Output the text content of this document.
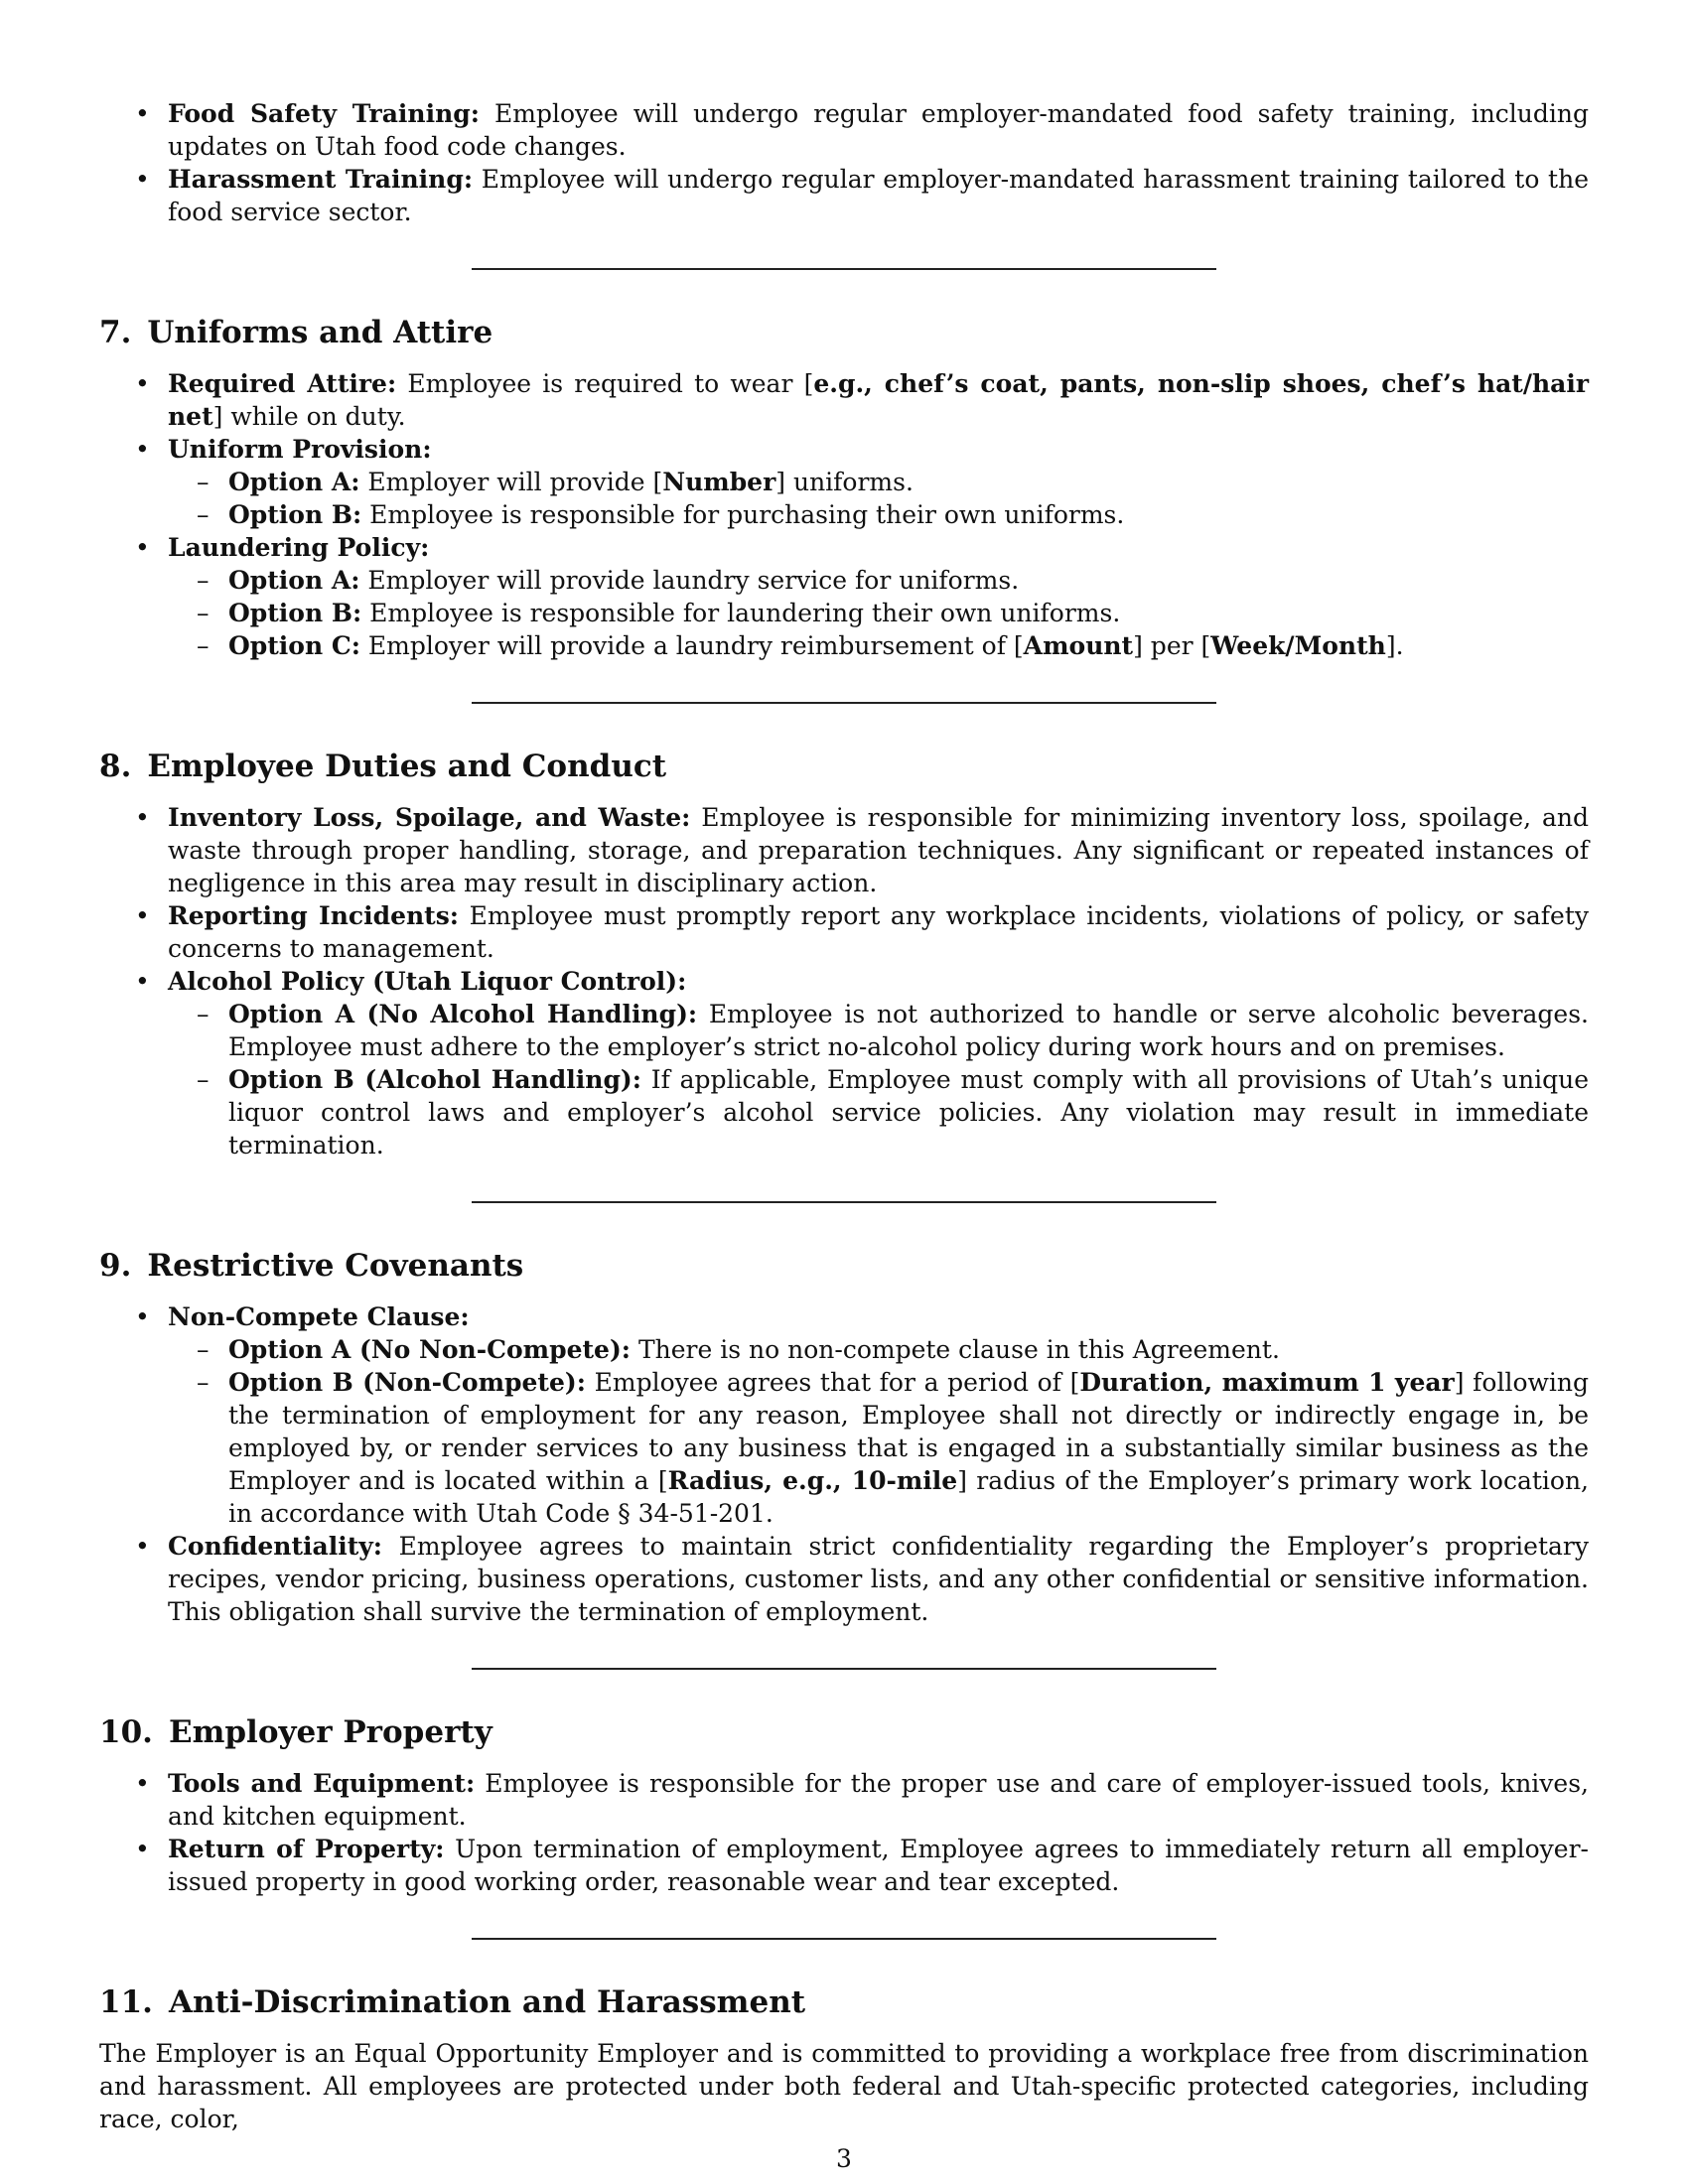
• Food Safety Training: Employee will undergo regular employer-mandated food safety training, including updates on Utah food code changes.
• Harassment Training: Employee will undergo regular employer-mandated harassment training tailored to the food service sector.
7. Uniforms and Attire
• Required Attire: Employee is required to wear [e.g., chef’s coat, pants, non-slip shoes, chef’s hat/hair net] while on duty.
• Uniform Provision:
– Option A: Employer will provide [Number] uniforms.
– Option B: Employee is responsible for purchasing their own uniforms.
• Laundering Policy:
– Option A: Employer will provide laundry service for uniforms.
– Option B: Employee is responsible for laundering their own uniforms.
– Option C: Employer will provide a laundry reimbursement of [Amount] per [Week/Month].
8. Employee Duties and Conduct
• Inventory Loss, Spoilage, and Waste: Employee is responsible for minimizing inventory loss, spoilage, and waste through proper handling, storage, and preparation techniques. Any significant or repeated instances of negligence in this area may result in disciplinary action.
• Reporting Incidents: Employee must promptly report any workplace incidents, violations of policy, or safety concerns to management.
• Alcohol Policy (Utah Liquor Control):
– Option A (No Alcohol Handling): Employee is not authorized to handle or serve alcoholic beverages. Employee must adhere to the employer’s strict no-alcohol policy during work hours and on premises.
– Option B (Alcohol Handling): If applicable, Employee must comply with all provisions of Utah’s unique liquor control laws and employer’s alcohol service policies. Any violation may result in immediate termination.
9. Restrictive Covenants
• Non-Compete Clause:
– Option A (No Non-Compete): There is no non-compete clause in this Agreement.
– Option B (Non-Compete): Employee agrees that for a period of [Duration, maximum 1 year] following the termination of employment for any reason, Employee shall not directly or indirectly engage in, be employed by, or render services to any business that is engaged in a substantially similar business as the Employer and is located within a [Radius, e.g., 10-mile] radius of the Employer’s primary work location, in accordance with Utah Code § 34-51-201.
• Confidentiality: Employee agrees to maintain strict confidentiality regarding the Employer’s proprietary recipes, vendor pricing, business operations, customer lists, and any other confidential or sensitive information. This obligation shall survive the termination of employment.
10. Employer Property
• Tools and Equipment: Employee is responsible for the proper use and care of employer-issued tools, knives, and kitchen equipment.
• Return of Property: Upon termination of employment, Employee agrees to immediately return all employer-issued property in good working order, reasonable wear and tear excepted.
11. Anti-Discrimination and Harassment

The Employer is an Equal Opportunity Employer and is committed to providing a workplace free from discrimination and harassment. All employees are protected under both federal and Utah-specific protected categories, including race, color,

3
